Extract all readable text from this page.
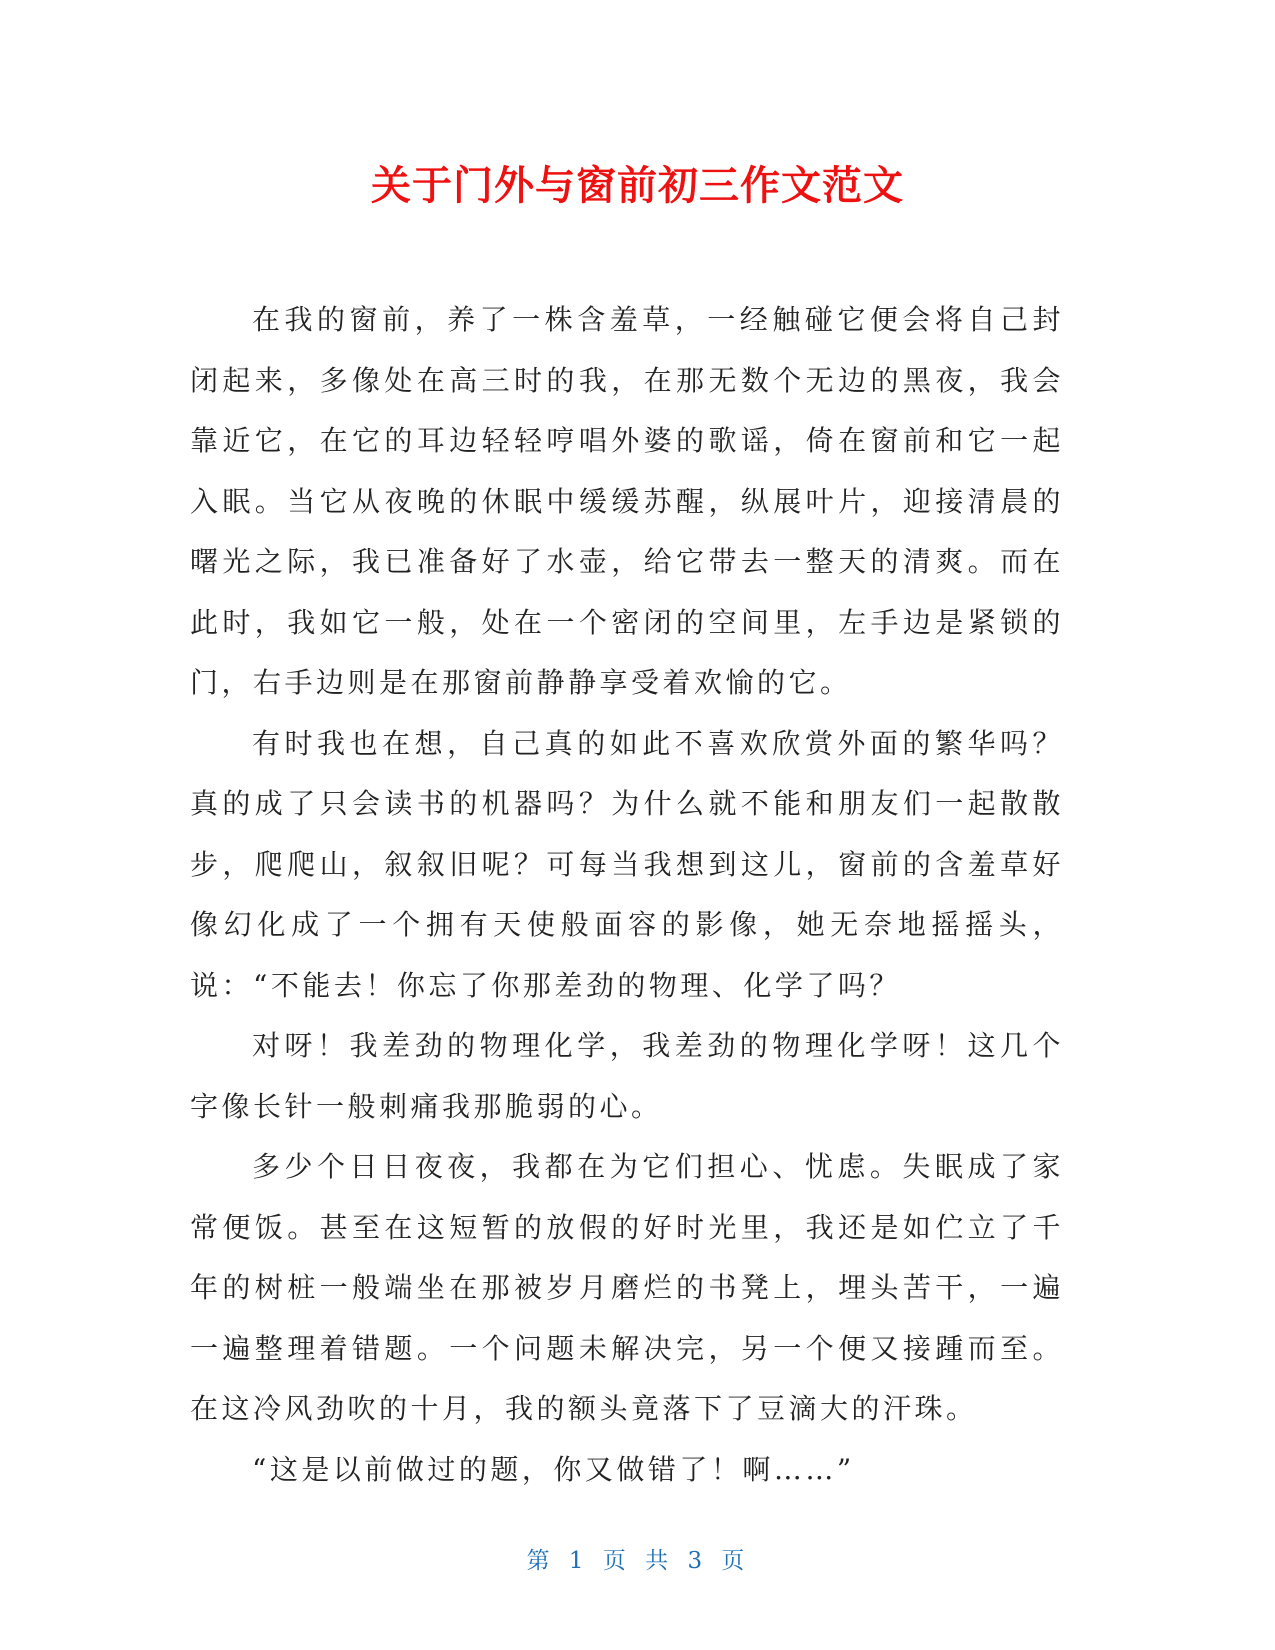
关于门外与窗前初三作文范文

在我的窗前，养了一株含羞草，一经触碰它便会将自己封闭起来，多像处在高三时的我，在那无数个无边的黑夜，我会靠近它，在它的耳边轻轻哼唱外婆的歌谣，倚在窗前和它一起入眠。当它从夜晚的休眠中缓缓苏醒，纵展叶片，迎接清晨的曙光之际，我已准备好了水壶，给它带去一整天的清爽。而在此时，我如它一般，处在一个密闭的空间里，左手边是紧锁的门，右手边则是在那窗前静静享受着欢愉的它。

有时我也在想，自己真的如此不喜欢欣赏外面的繁华吗？真的成了只会读书的机器吗？为什么就不能和朋友们一起散散步，爬爬山，叙叙旧呢？可每当我想到这儿，窗前的含羞草好像幻化成了一个拥有天使般面容的影像，她无奈地摇摇头，说：“不能去！你忘了你那差劲的物理、化学了吗？

对呀！我差劲的物理化学，我差劲的物理化学呀！这几个字像长针一般刺痛我那脆弱的心。

多少个日日夜夜，我都在为它们担心、忧虑。失眠成了家常便饭。甚至在这短暂的放假的好时光里，我还是如伫立了千年的树桩一般端坐在那被岁月磨烂的书凳上，埋头苦干，一遍一遍整理着错题。一个问题未解决完，另一个便又接踵而至。在这冷风劲吹的十月，我的额头竟落下了豆滴大的汗珠。

“这是以前做过的题，你又做错了！啊……”

第 1 页 共 3 页
